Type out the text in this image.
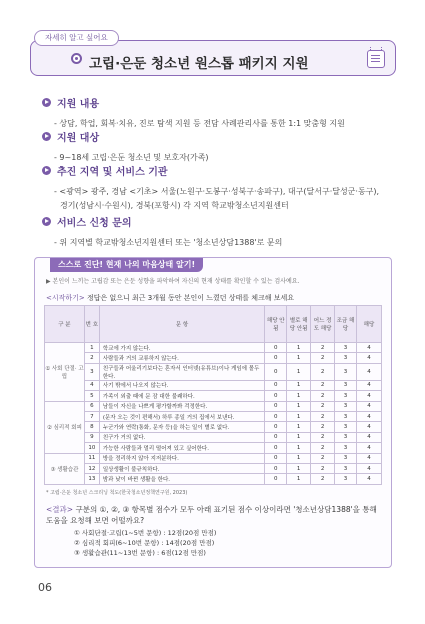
자세히 알고 싶어요
고립·은둔 청소년 원스톱 패키지 지원
지원 내용
- 상담, 학업, 회복·치유, 진로 탐색 지원 등 전담 사례관리사를 통한 1:1 맞춤형 지원
지원 대상
- 9~18세 고립·은둔 청소년 및 보호자(가족)
추진 지역 및 서비스 기관
- <광역> 광주, 경남 <기초> 서울(노원구·도봉구·성북구·송파구), 대구(달서구·달성군·동구),
경기(성남시·수원시), 경북(포항시) 각 지역 학교밖청소년지원센터
서비스 신청 문의
- 위 지역별 학교밖청소년지원센터 또는 '청소년상담1388'로 문의
스스로 진단! 현재 나의 마음상태 알기!
▶ 본인이 느끼는 고립감 또는 은둔 성향을 파악하여 자신의 현재 상태를 확인할 수 있는 검사예요.
<시작하기> 정답은 없으니 최근 3개월 동안 본인이 느꼈던 상태를 체크해 보세요
구 분	번 호	문 항	해당 안됨	별로 해당 안됨	어느 정도 해당	조금 해당	해당
① 사회 단절· 고립	1	학교에 가지 않는다.	0	1	2	3	4
	2	사람들과 거의 교류하지 않는다.	0	1	2	3	4
	3	친구들과 어울리기보다는 혼자서 인터넷(유튜브)이나 게임에 몰두한다.	0	1	2	3	4
	4	사기 밖에서 나오지 않는다.	0	1	2	3	4
	5	가족이 외출 때에 문 잠 대한 불쾌하다.	0	1	2	3	4
② 심리적 회피	6	남들이 자신을 나쁘게 평가할까봐 걱정한다.	0	1	2	3	4
	7	(문자 오는 것이 편해서) 하루 종일 거의 집에서 보낸다.	0	1	2	3	4
	8	누군가와 연락(통화, 문자 등)을 하는 일이 별로 없다.	0	1	2	3	4
	9	친구가 거의 없다.	0	1	2	3	4
	10	가능한 사람들과 멀리 떨어져 있고 싶어한다.	0	1	2	3	4
③ 생활습관	11	방을 정리하지 않아 지저분하다.	0	1	2	3	4
	12	일상생활이 불규칙하다.	0	1	2	3	4
	13	밤과 낮이 바뀐 생활을 한다.	0	1	2	3	4
* 고립·은둔 청소년 스크리닝 척도(한국청소년정책연구원, 2023)
<결과> 구분의 ①, ②, ③ 항목별 점수가 모두 아래 표기된 점수 이상이라면 '청소년상담1388'을 통해 도움을 요청해 보면 어떨까요?
① 사회단절·고립(1~5번 문항) : 12점(20점 만점)
② 심리적 회피(6~10번 문항) : 14점(20점 만점)
③ 생활습관(11~13번 문항) : 6점(12점 만점)
06
